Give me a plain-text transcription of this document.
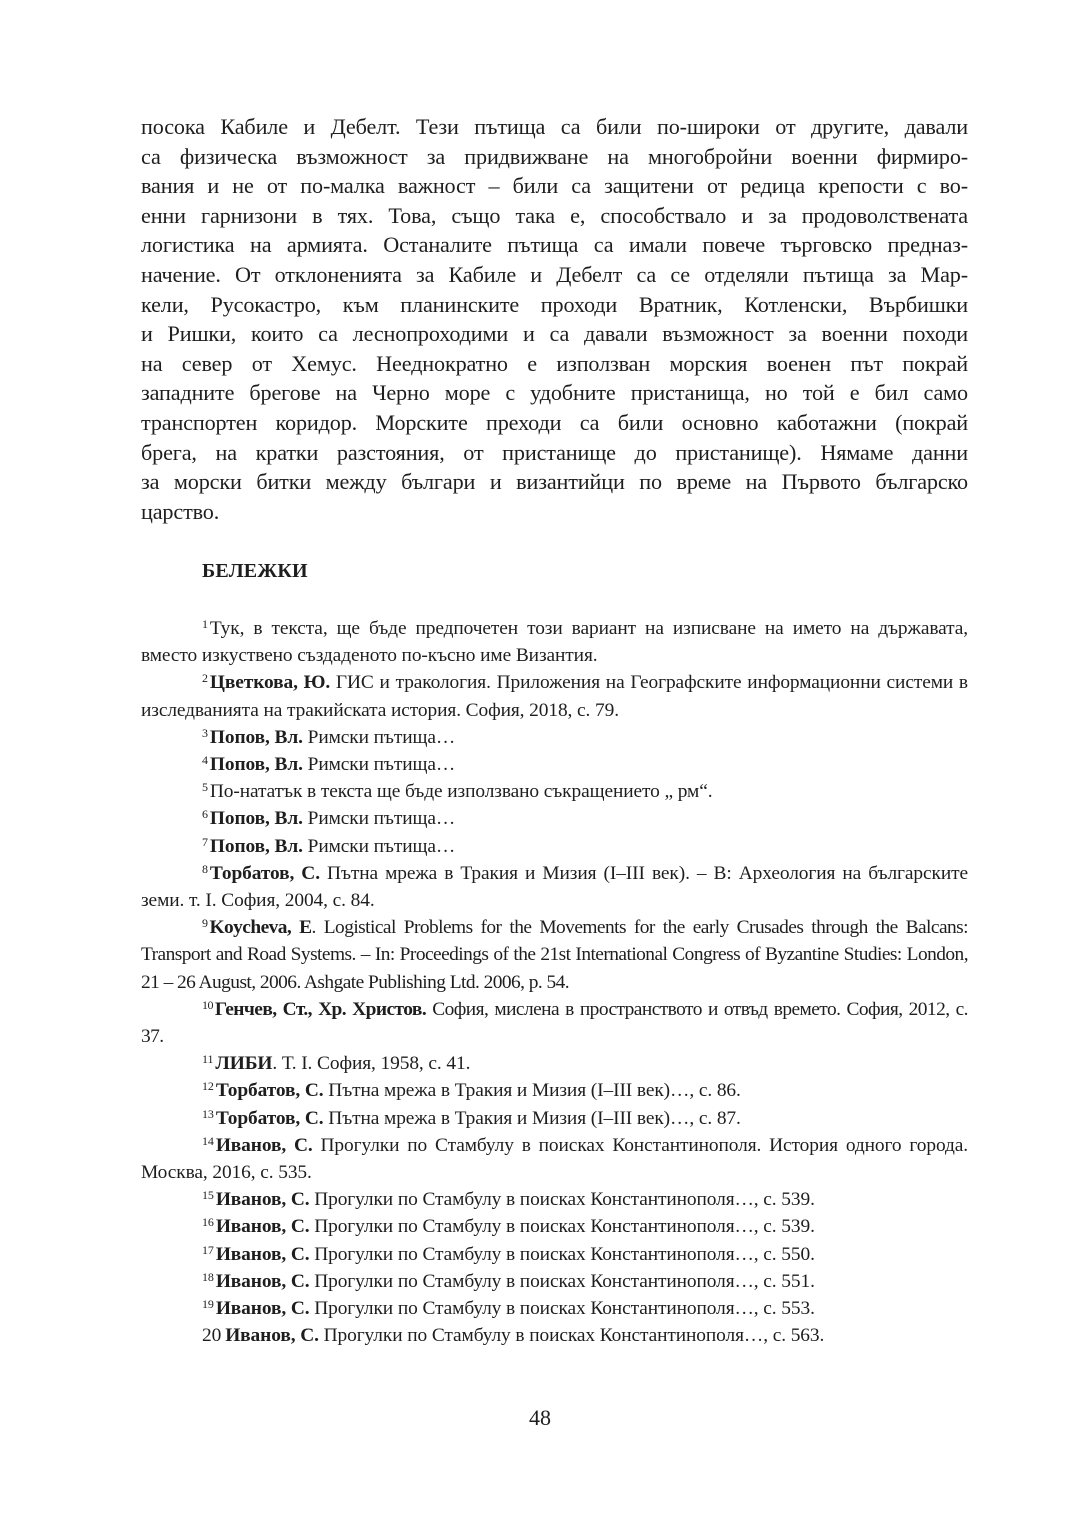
посока Кабиле и Дебелт. Тези пътища са били по-широки от другите, давали
са физическа възможност за придвижване на многобройни военни фирмиро-
вания и не от по-малка важност – били са защитени от редица крепости с во-
енни гарнизони в тях. Това, също така е, способствало и за продоволствената
логистика на армията. Останалите пътища са имали повече търговско предназ-
начение. От отклоненията за Кабиле и Дебелт са се отделяли пътища за Мар-
кели, Русокастро, към планинските проходи Вратник, Котленски, Върбишки
и Ришки, които са леснопроходими и са давали възможност за военни походи
на север от Хемус. Нееднократно е използван морския военен път покрай
западните брегове на Черно море с удобните пристанища, но той е бил само
транспортен коридор. Морските преходи са били основно каботажни (покрай
брега, на кратки разстояния, от пристанище до пристанище). Нямаме данни
за морски битки между българи и византийци по време на Първото българско
царство.

БЕЛЕЖКИ

$^1$ Тук, в текста, ще бъде предпочетен този вариант на изписване на името на държавата, вместо изкуствено създаденото по-късно име Византия.

$^2$ Цветкова, Ю. ГИС и тракология. Приложения на Географските информационни системи в изследванията на тракийската история. София, 2018, с. 79.

$^3$ Попов, Вл. Римски пътища…

$^4$ Попов, Вл. Римски пътища…

$^5$ По-нататък в текста ще бъде използвано съкращението „ рм“.

$^6$ Попов, Вл. Римски пътища…

$^7$ Попов, Вл. Римски пътища…

$^8$ Торбатов, С. Пътна мрежа в Тракия и Мизия (I–III век). – В: Археология на българските земи. т. I. София, 2004, с. 84.

$^9$ Koycheva, E. Logistical Problems for the Movements for the early Crusades through the Balcans: Transport and Road Systems. – In: Proceedings of the 21st International Congress of Byzantine Studies: London, 21 – 26 August, 2006. Ashgate Publishing Ltd. 2006, p. 54.

$^{10}$ Генчев, Ст., Хр. Христов. София, мислена в пространството и отвъд времето. София, 2012, с. 37.

$^{11}$ ЛИБИ. Т. I. София, 1958, с. 41.

$^{12}$ Торбатов, С. Пътна мрежа в Тракия и Мизия (I–III век)…, с. 86.

$^{13}$ Торбатов, С. Пътна мрежа в Тракия и Мизия (I–III век)…, с. 87.

$^{14}$ Иванов, С. Прогулки по Стамбулу в поисках Константинополя. История одного города. Москва, 2016, с. 535.

$^{15}$ Иванов, С. Прогулки по Стамбулу в поисках Константинополя…, с. 539.

$^{16}$ Иванов, С. Прогулки по Стамбулу в поисках Константинополя…, с. 539.

$^{17}$ Иванов, С. Прогулки по Стамбулу в поисках Константинополя…, с. 550.

$^{18}$ Иванов, С. Прогулки по Стамбулу в поисках Константинополя…, с. 551.

$^{19}$ Иванов, С. Прогулки по Стамбулу в поисках Константинополя…, с. 553.

20 Иванов, С. Прогулки по Стамбулу в поисках Константинополя…, с. 563.

48
